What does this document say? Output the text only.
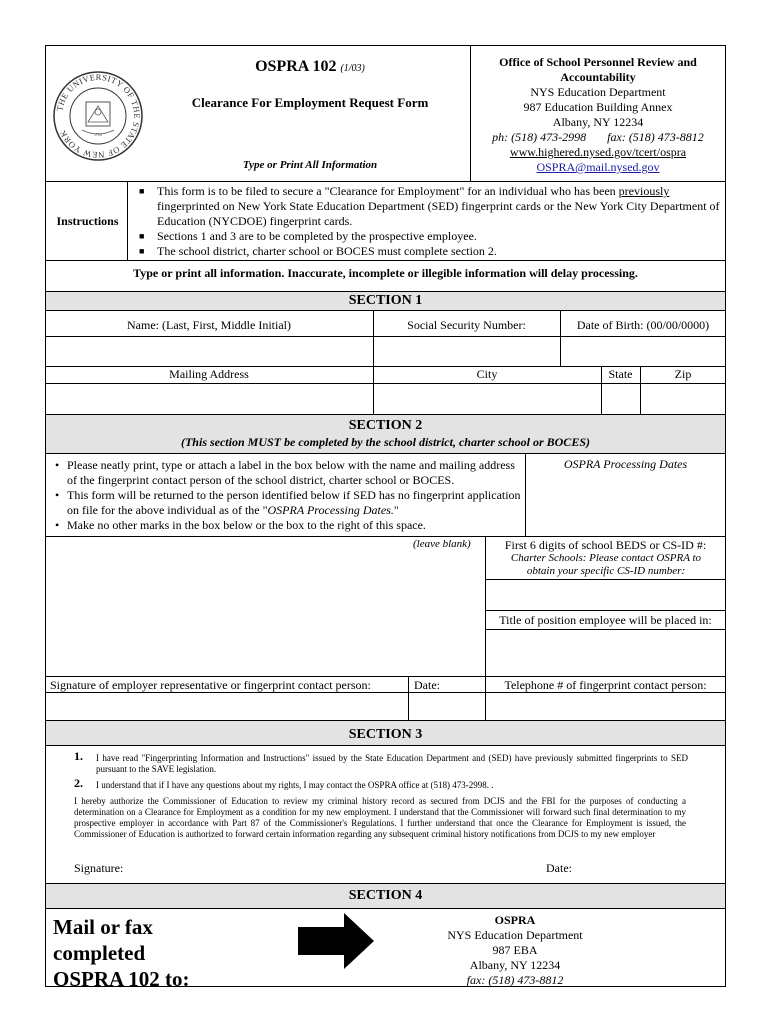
THE UNIVERSITY OF THE STATE OF NEW YORK	1784
OSPRA 102 (1/03)
Clearance For Employment Request Form
Type or Print All Information
Office of School Personnel Review and Accountability
NYS Education Department
987 Education Building Annex
Albany, NY 12234
ph: (518) 473-2998 fax: (518) 473-8812
www.highered.nysed.gov/tcert/ospra
OSPRA@mail.nysed.gov
Instructions
■ This form is to be filed to secure a "Clearance for Employment" for an individual who has been previously fingerprinted on New York State Education Department (SED) fingerprint cards or the New York City Department of Education (NYCDOE) fingerprint cards.
■ Sections 1 and 3 are to be completed by the prospective employee.
■ The school district, charter school or BOCES must complete section 2.
Type or print all information. Inaccurate, incomplete or illegible information will delay processing.
SECTION 1
Name: (Last, First, Middle Initial)	Social Security Number:	Date of Birth: (00/00/0000)
Mailing Address	City	State	Zip
SECTION 2
(This section MUST be completed by the school district, charter school or BOCES)
• Please neatly print, type or attach a label in the box below with the name and mailing address of the fingerprint contact person of the school district, charter school or BOCES.
• This form will be returned to the person identified below if SED has no fingerprint application on file for the above individual as of the "OSPRA Processing Dates."
• Make no other marks in the box below or the box to the right of this space.
OSPRA Processing Dates
(leave blank)	First 6 digits of school BEDS or CS-ID #:
Charter Schools: Please contact OSPRA to obtain your specific CS-ID number:
Title of position employee will be placed in:
Signature of employer representative or fingerprint contact person:	Date:	Telephone # of fingerprint contact person:
SECTION 3
1. I have read "Fingerprinting Information and Instructions" issued by the State Education Department and (SED) have previously submitted fingerprints to SED pursuant to the SAVE legislation.
2. I understand that if I have any questions about my rights, I may contact the OSPRA office at (518) 473-2998. .
I hereby authorize the Commissioner of Education to review my criminal history record as secured from DCJS and the FBI for the purposes of conducting a determination on a Clearance for Employment as a condition for my new employment. I understand that the Commissioner will forward such final determination to my prospective employer in accordance with Part 87 of the Commissioner's Regulations. I further understand that once the Clearance for Employment is issued, the Commissioner of Education is authorized to forward certain information regarding any subsequent criminal history notifications from DCJS to my new employer
Signature:	Date:
SECTION 4
Mail or fax
completed
OSPRA 102 to:
OSPRA
NYS Education Department
987 EBA
Albany, NY 12234
fax: (518) 473-8812
